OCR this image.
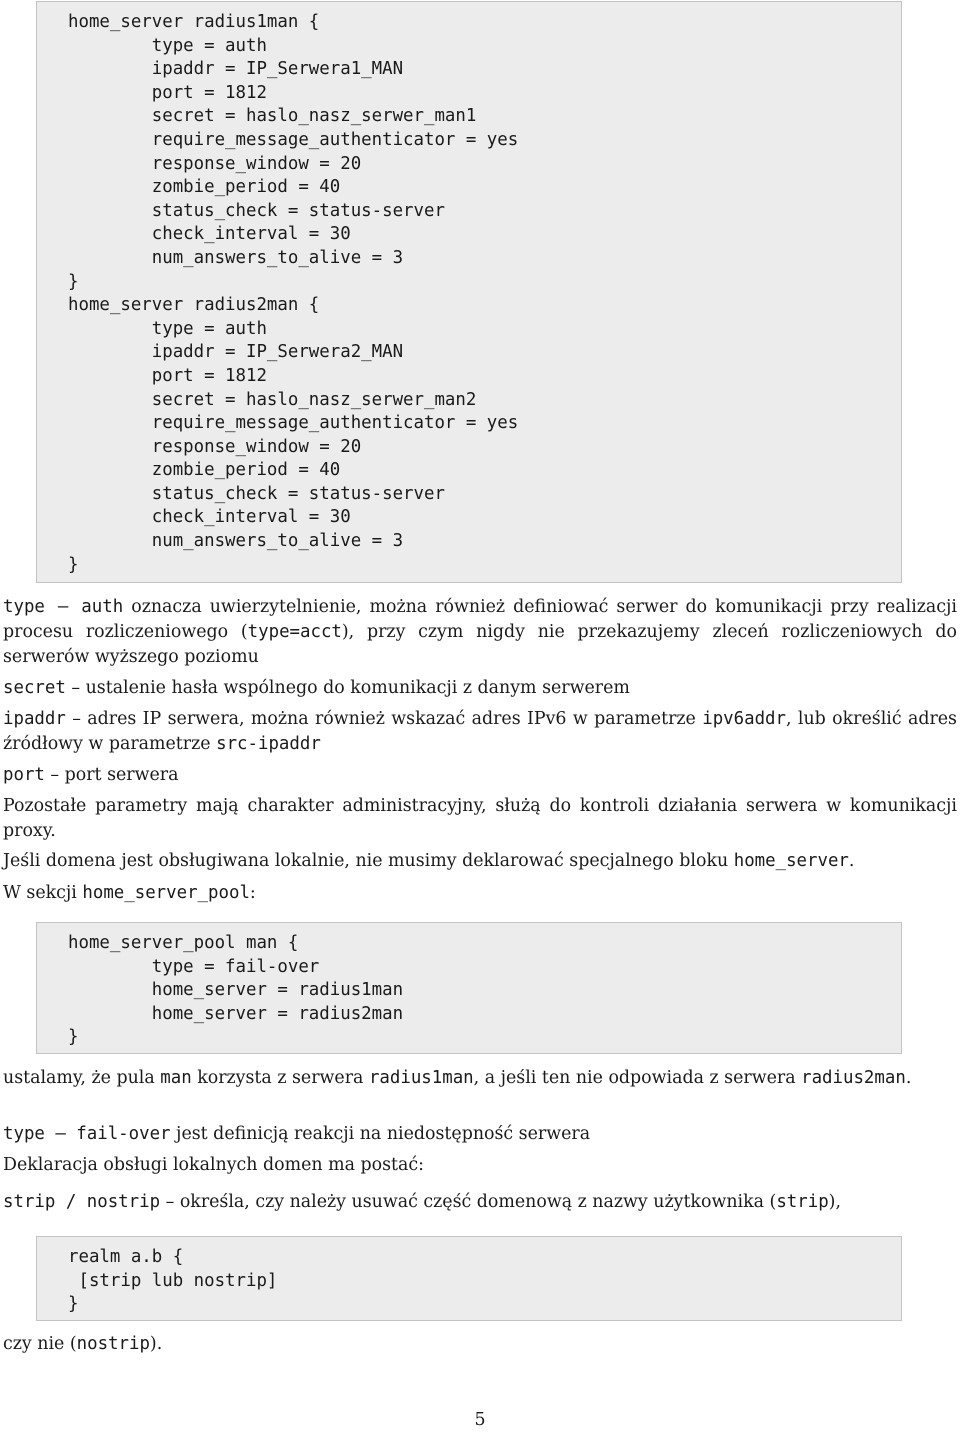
home_server radius1man {
type = auth
ipaddr = IP_Serwera1_MAN
port = 1812
secret = haslo_nasz_serwer_man1
require_message_authenticator = yes
response_window = 20
zombie_period = 40
status_check = status-server
check_interval = 30
num_answers_to_alive = 3
}
home_server radius2man {
type = auth
ipaddr = IP_Serwera2_MAN
port = 1812
secret = haslo_nasz_serwer_man2
require_message_authenticator = yes
response_window = 20
zombie_period = 40
status_check = status-server
check_interval = 30
num_answers_to_alive = 3
}

type – auth oznacza uwierzytelnienie, można również definiować serwer do komunikacji przy realizacji procesu rozliczeniowego (type=acct), przy czym nigdy nie przekazujemy zleceń rozliczeniowych do serwerów wyższego poziomu

secret – ustalenie hasła wspólnego do komunikacji z danym serwerem

ipaddr – adres IP serwera, można również wskazać adres IPv6 w parametrze ipv6addr, lub określić adres źródłowy w parametrze src-ipaddr

port – port serwera

Pozostałe parametry mają charakter administracyjny, służą do kontroli działania serwera w komunikacji proxy.

Jeśli domena jest obsługiwana lokalnie, nie musimy deklarować specjalnego bloku home_server.

W sekcji home_server_pool:

home_server_pool man {
type = fail-over
home_server = radius1man
home_server = radius2man
}

ustalamy, że pula man korzysta z serwera radius1man, a jeśli ten nie odpowiada z serwera radius2man.

type – fail-over jest definicją reakcji na niedostępność serwera

Deklaracja obsługi lokalnych domen ma postać:

strip / nostrip – określa, czy należy usuwać część domenową z nazwy użytkownika (strip),

realm a.b {
[strip lub nostrip]
}

czy nie (nostrip).

5
